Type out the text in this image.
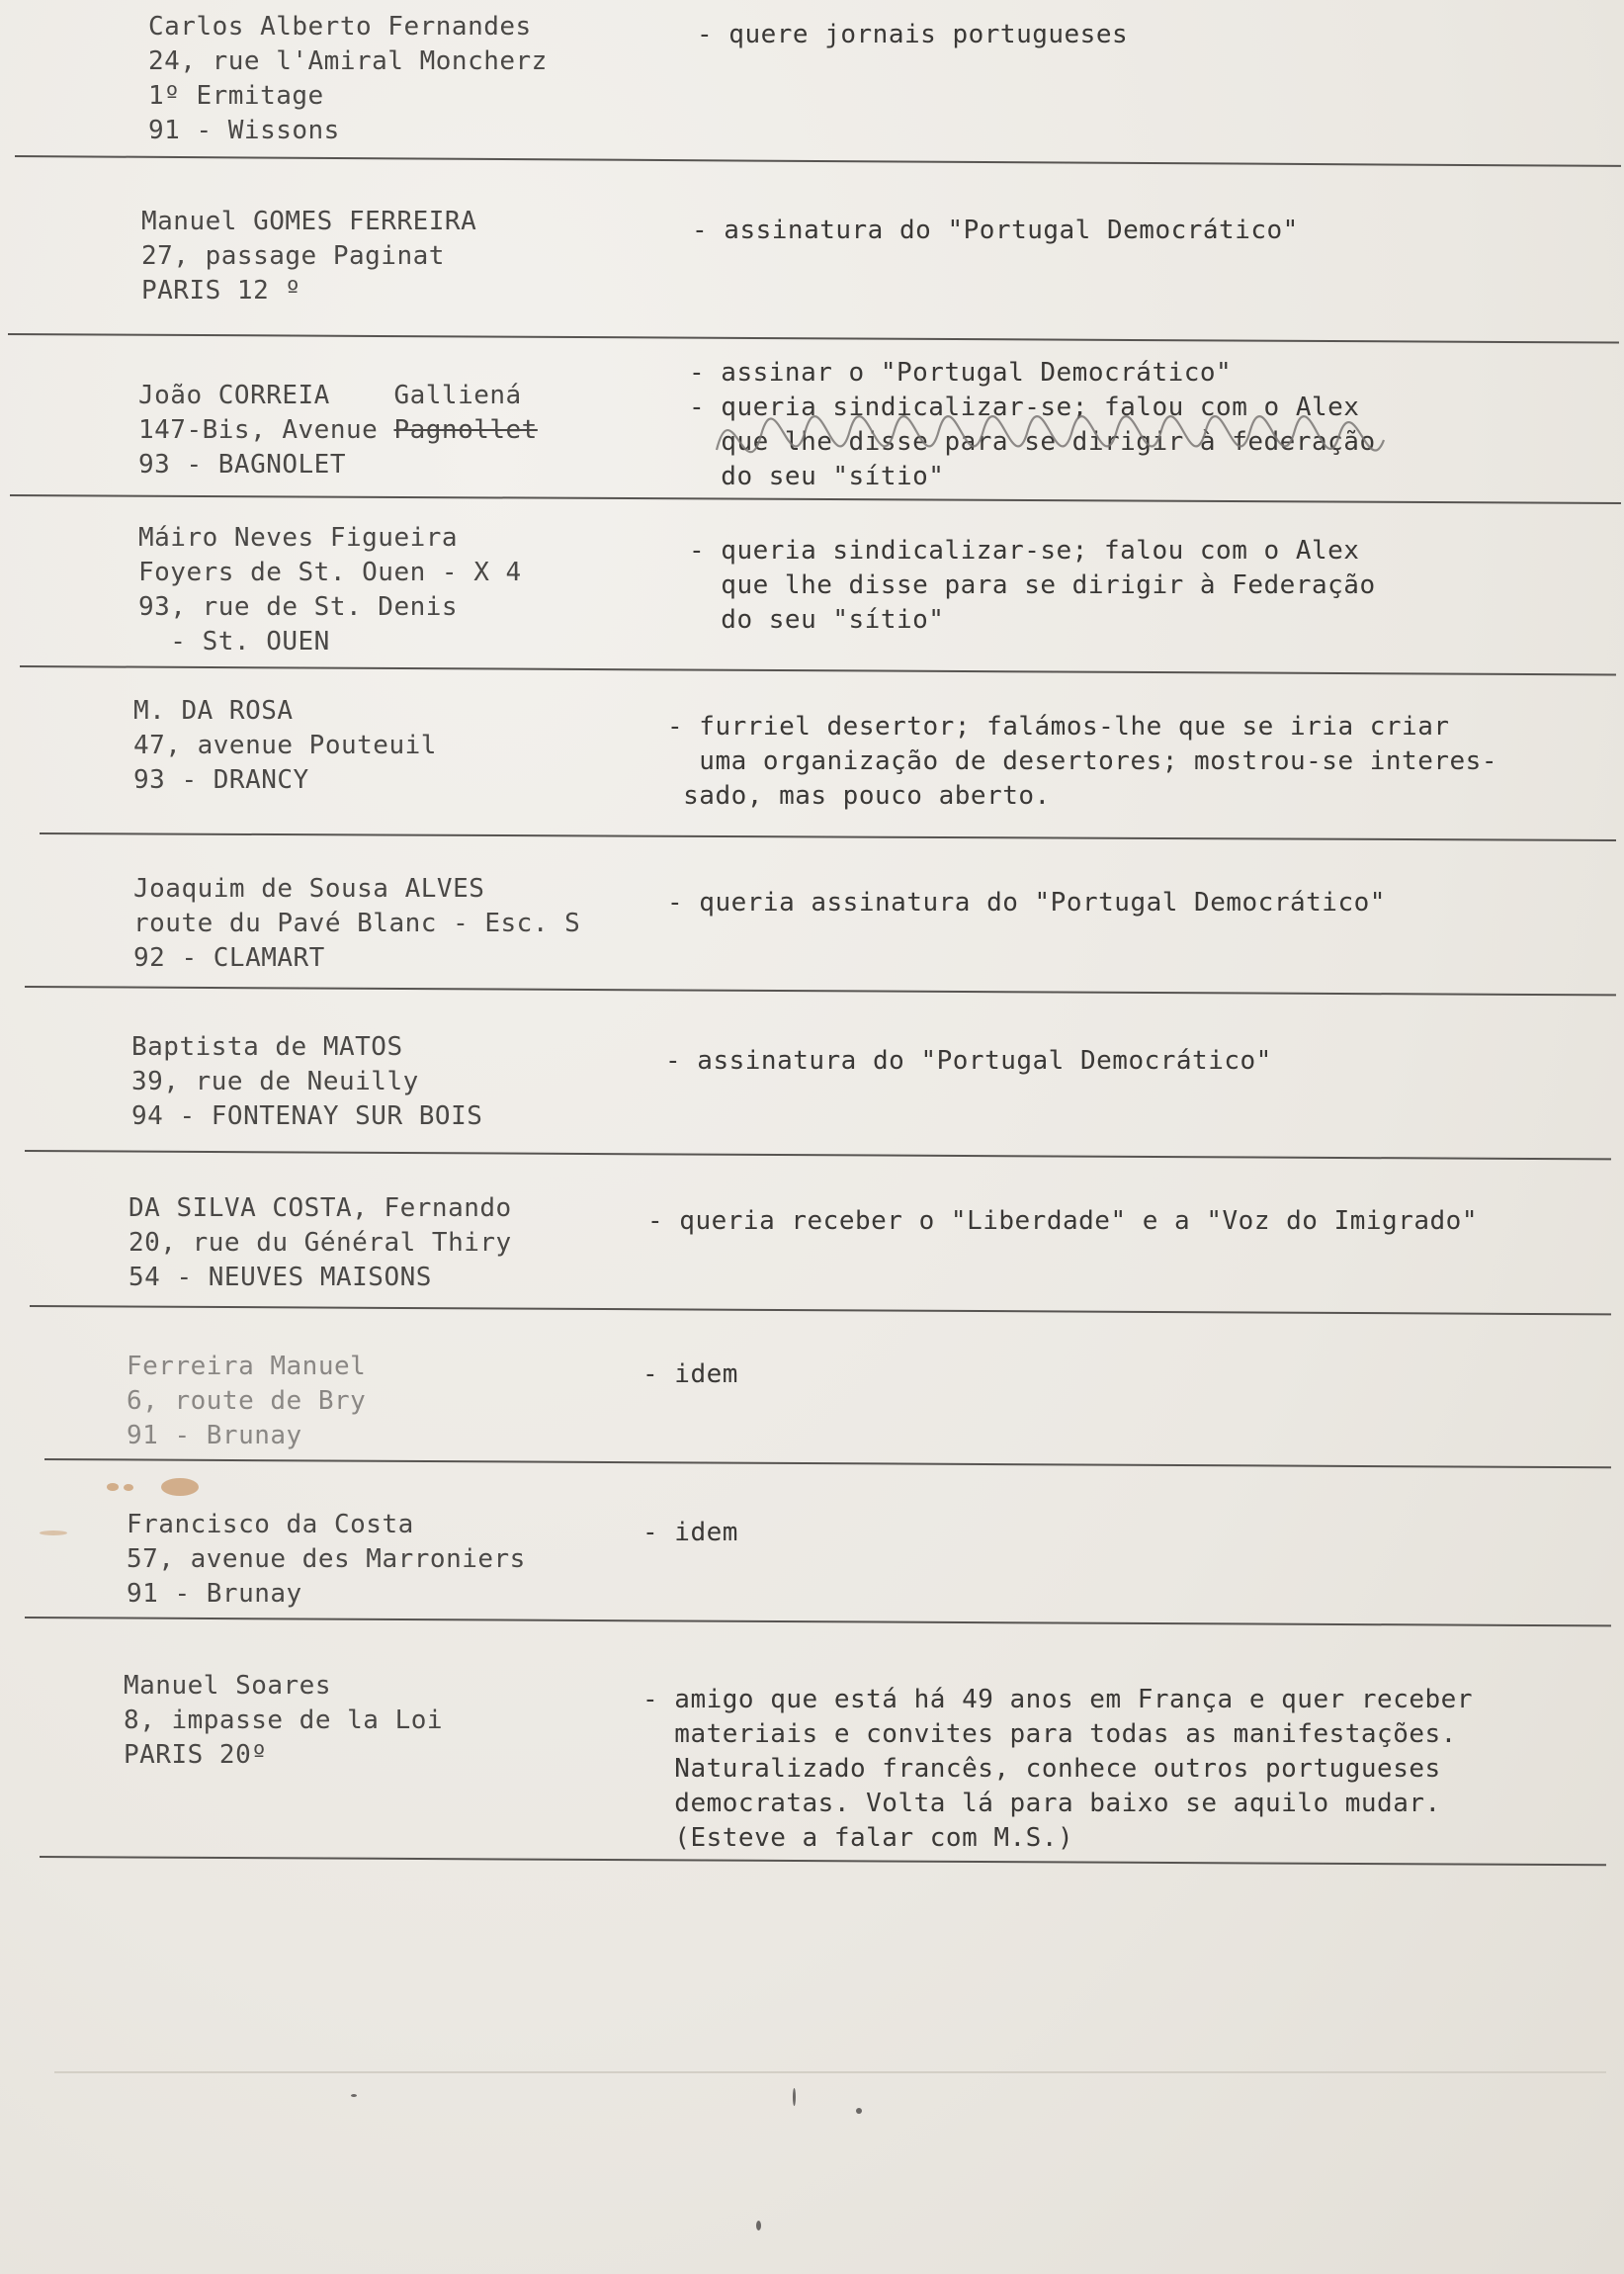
Carlos Alberto Fernandes
24, rue l'Amiral Moncherz
1º Ermitage
91 - Wissons
- quere jornais portugueses
Manuel GOMES FERREIRA
27, passage Paginat
PARIS 12 º
- assinatura do "Portugal Democrático"
João CORREIA    Galliená
147-Bis, Avenue Pagnollet
93 - BAGNOLET
- assinar o "Portugal Democrático"
- queria sindicalizar-se; falou com o Alex
que lhe disse para se dirigir à federação
do seu "sítio"
Máiro Neves Figueira
Foyers de St. Ouen - X 4
93, rue de St. Denis
- St. OUEN
- queria sindicalizar-se; falou com o Alex
que lhe disse para se dirigir à Federação
do seu "sítio"
M. DA ROSA
47, avenue Pouteuil
93 - DRANCY
- furriel desertor; falámos-lhe que se iria criar
uma organização de desertores; mostrou-se interes-
sado, mas pouco aberto.
Joaquim de Sousa ALVES
route du Pavé Blanc - Esc. S
92 - CLAMART
- queria assinatura do "Portugal Democrático"
Baptista de MATOS
39, rue de Neuilly
94 - FONTENAY SUR BOIS
- assinatura do "Portugal Democrático"
DA SILVA COSTA, Fernando
20, rue du Général Thiry
54 - NEUVES MAISONS
- queria receber o "Liberdade" e a "Voz do Imigrado"
Ferreira Manuel
6, route de Bry
91 - Brunay
- idem
Francisco da Costa
57, avenue des Marroniers
91 - Brunay
- idem
Manuel Soares
8, impasse de la Loi
PARIS 20º
- amigo que está há 49 anos em França e quer receber
materiais e convites para todas as manifestações.
Naturalizado francês, conhece outros portugueses
democratas. Volta lá para baixo se aquilo mudar.
(Esteve a falar com M.S.)
